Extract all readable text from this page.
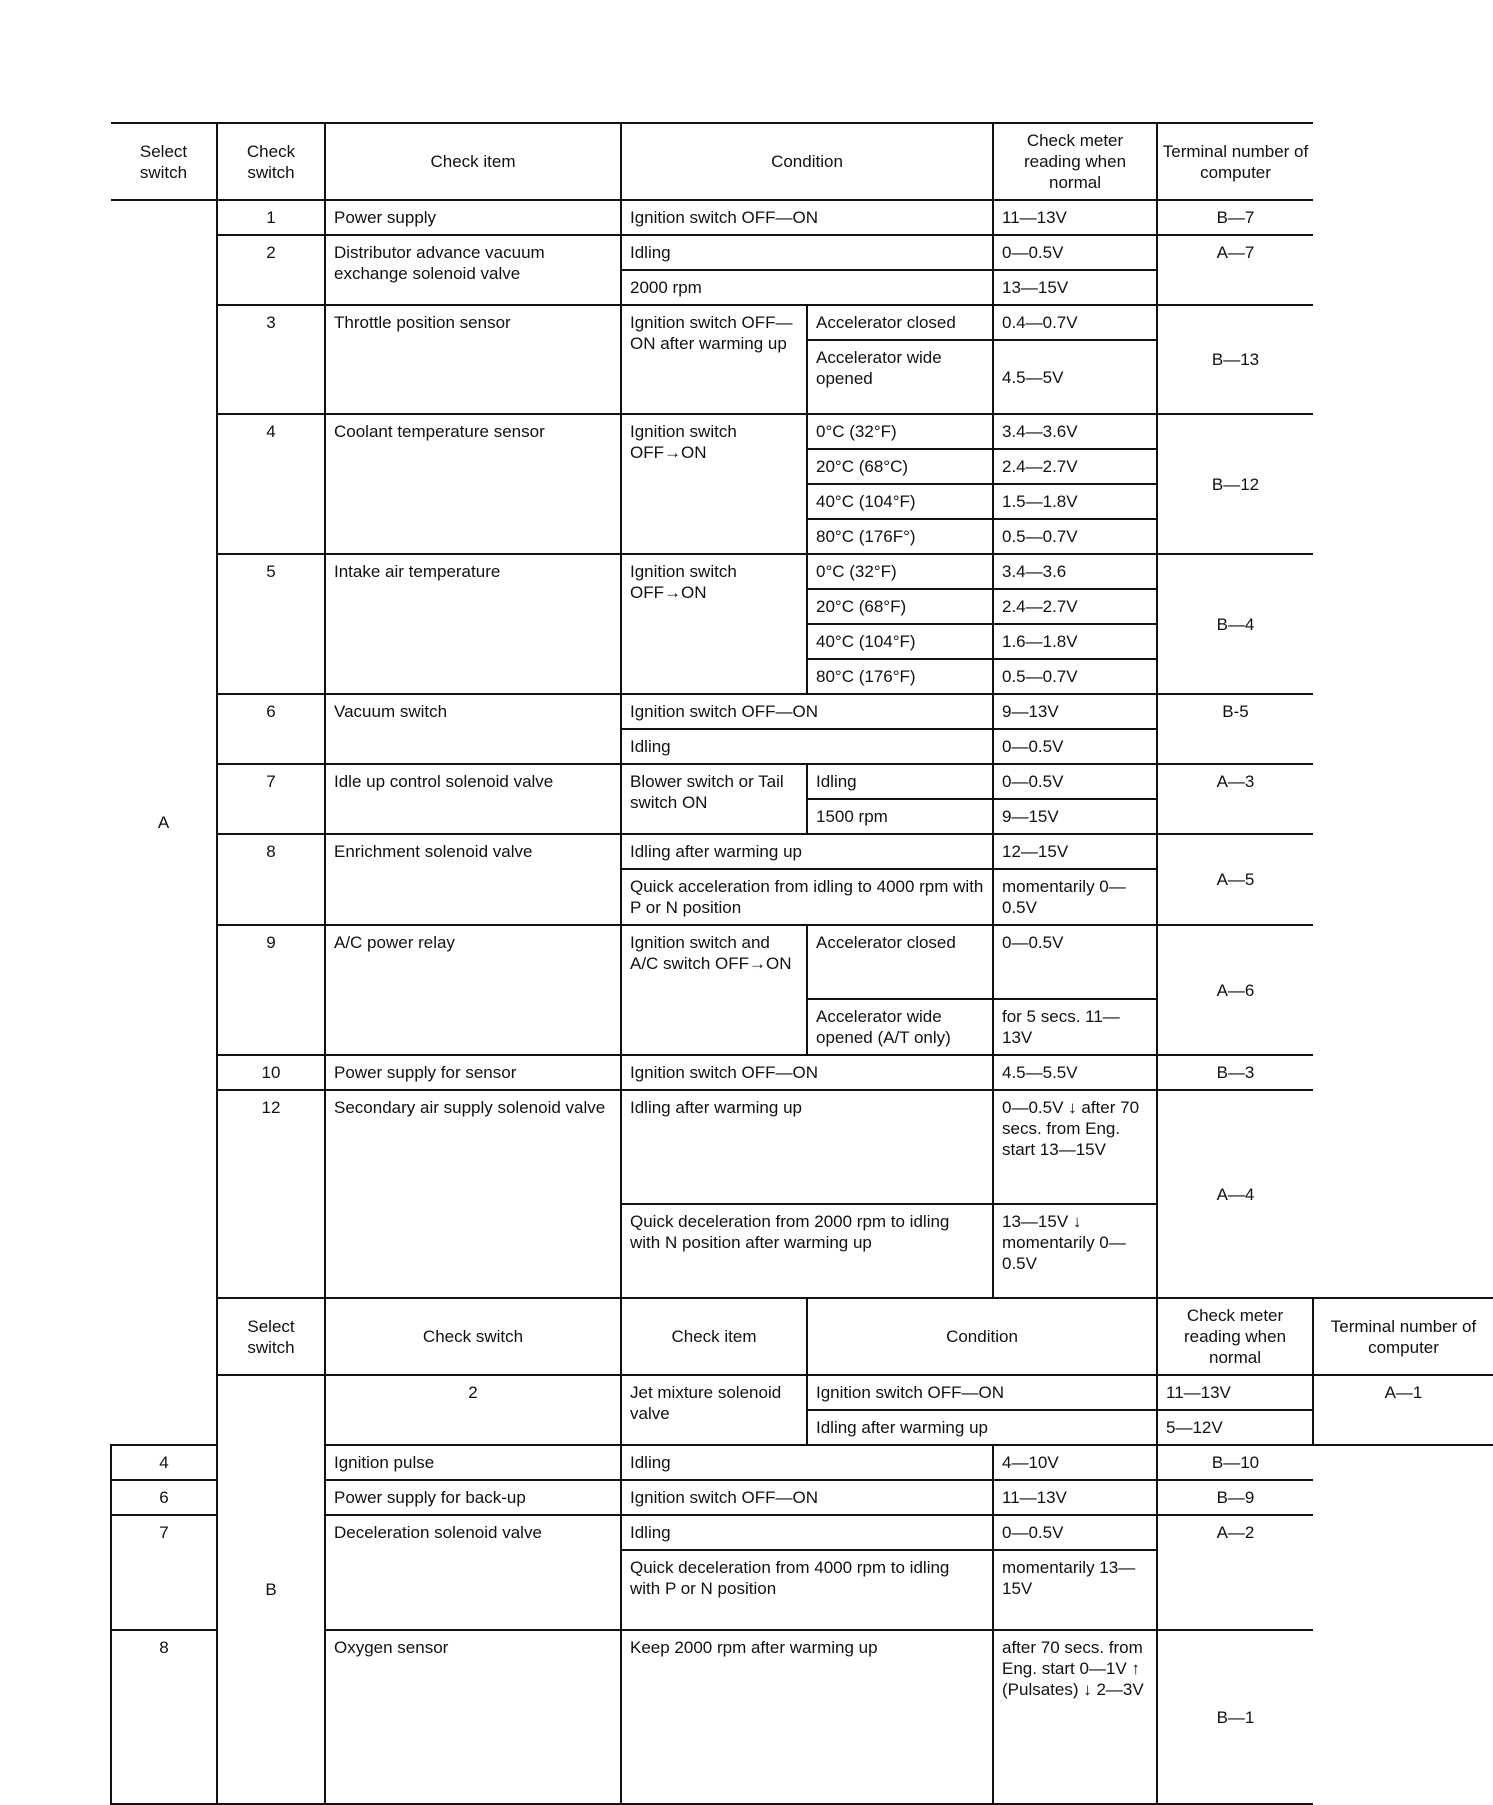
Select switch	Check switch	Check item	Condition		Check meter reading when normal	Terminal number of computer	
A	1	Power supply	Ignition switch OFF—ON		11—13V	B—7	
	2	Distributor advance vacuum exchange solenoid valve	Idling		0—0.5V	A—7	
			2000 rpm		13—15V		
	3	Throttle position sensor	Ignition switch OFF—ON after warming up	Accelerator closed	0.4—0.7V	B—13	
				Accelerator wide opened	4.5—5V		
	4	Coolant temperature sensor	Ignition switch OFF→ON	0°C (32°F)	3.4—3.6V	B—12	
				20°C (68°C)	2.4—2.7V		
				40°C (104°F)	1.5—1.8V		
				80°C (176F°)	0.5—0.7V		
	5	Intake air temperature	Ignition switch OFF→ON	0°C (32°F)	3.4—3.6	B—4	
				20°C (68°F)	2.4—2.7V		
				40°C (104°F)	1.6—1.8V		
				80°C (176°F)	0.5—0.7V		
	6	Vacuum switch	Ignition switch OFF—ON		9—13V	B-5	
			Idling		0—0.5V		
	7	Idle up control solenoid valve	Blower switch or Tail switch ON	Idling	0—0.5V	A—3	
				1500 rpm	9—15V		
	8	Enrichment solenoid valve	Idling after warming up		12—15V	A—5	
			Quick acceleration from idling to 4000 rpm with P or N position		momentarily 0—0.5V		
	9	A/C power relay	Ignition switch and A/C switch OFF→ON	Accelerator closed	0—0.5V	A—6	
				Accelerator wide opened (A/T only)	for 5 secs. 11—13V		
	10	Power supply for sensor	Ignition switch OFF—ON		4.5—5.5V	B—3	
	12	Secondary air supply solenoid valve	Idling after warming up		0—0.5V ↓ after 70 secs. from Eng. start 13—15V	A—4	
			Quick deceleration from 2000 rpm to idling with N position after warming up		13—15V ↓ momentarily 0—0.5V		
	Select switch	Check switch	Check item	Condition		Check meter reading when normal	Terminal number of computer
	B	2	Jet mixture solenoid valve	Ignition switch OFF—ON		11—13V	A—1
				Idling after warming up		5—12V	
4		Ignition pulse	Idling		4—10V	B—10	
6		Power supply for back-up	Ignition switch OFF—ON		11—13V	B—9	
7		Deceleration solenoid valve	Idling		0—0.5V	A—2	
			Quick deceleration from 4000 rpm to idling with P or N position		momentarily 13—15V		
8		Oxygen sensor	Keep 2000 rpm after warming up		after 70 secs. from Eng. start 0—1V ↑ (Pulsates) ↓ 2—3V	B—1	
